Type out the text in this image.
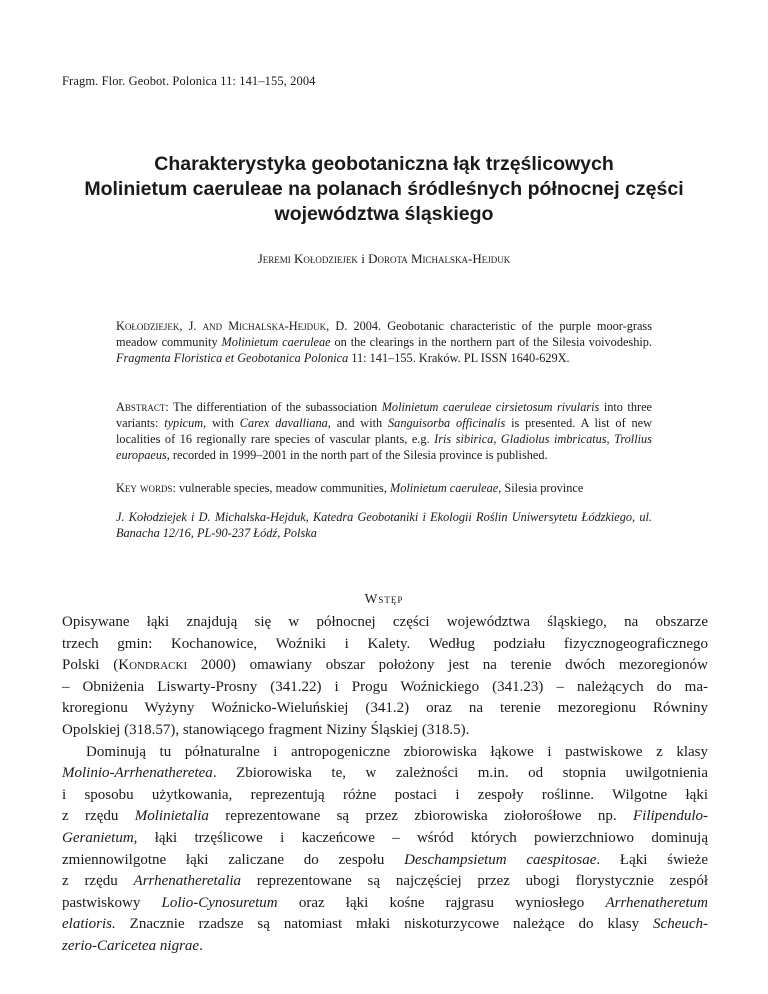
Fragm. Flor. Geobot. Polonica 11: 141–155, 2004
Charakterystyka geobotaniczna łąk trzęślicowych
Molinietum caeruleae na polanach śródleśnych północnej części
województwa śląskiego
Jeremi Kołodziejek i Dorota Michalska-Hejduk
Kołodziejek, J. and Michalska-Hejduk, D. 2004. Geobotanic characteristic of the purple moor-grass meadow community Molinietum caeruleae on the clearings in the northern part of the Silesia voivodeship. Fragmenta Floristica et Geobotanica Polonica 11: 141–155. Kraków. PL ISSN 1640-629X.
Abstract: The differentiation of the subassociation Molinietum caeruleae cirsietosum rivularis into three variants: typicum, with Carex davalliana, and with Sanguisorba officinalis is presented. A list of new localities of 16 regionally rare species of vascular plants, e.g. Iris sibirica, Gladiolus imbricatus, Trollius europaeus, recorded in 1999–2001 in the north part of the Silesia province is published.
Key words: vulnerable species, meadow communities, Molinietum caeruleae, Silesia province
J. Kołodziejek i D. Michalska-Hejduk, Katedra Geobotaniki i Ekologii Roślin Uniwersytetu Łódzkiego, ul. Banacha 12/16, PL-90-237 Łódź, Polska
Wstęp

Opisywane łąki znajdują się w północnej części województwa śląskiego, na obszarze
trzech gmin: Kochanowice, Woźniki i Kalety. Według podziału fizycznogeograficznego
Polski (Kondracki 2000) omawiany obszar położony jest na terenie dwóch mezoregionów
– Obniżenia Liswarty-Prosny (341.22) i Progu Woźnickiego (341.23) – należących do ma-
kroregionu Wyżyny Woźnicko-Wieluńskiej (341.2) oraz na terenie mezoregionu Równiny
Opolskiej (318.57), stanowiącego fragment Niziny Śląskiej (318.5).

Dominują tu półnaturalne i antropogeniczne zbiorowiska łąkowe i pastwiskowe z klasy
Molinio-Arrhenatheretea. Zbiorowiska te, w zależności m.in. od stopnia uwilgotnienia
i sposobu użytkowania, reprezentują różne postaci i zespoły roślinne. Wilgotne łąki
z rzędu Molinietalia reprezentowane są przez zbiorowiska ziołorośłowe np. Filipendulo-
Geranietum, łąki trzęślicowe i kaczeńcowe – wśród których powierzchniowo dominują
zmiennowilgotne łąki zaliczane do zespołu Deschampsietum caespitosae. Łąki świeże
z rzędu Arrhenatheretalia reprezentowane są najczęściej przez ubogi florystycznie zespół
pastwiskowy Lolio-Cynosuretum oraz łąki kośne rajgrasu wyniosłego Arrhenatheretum
elatioris. Znacznie rzadsze są natomiast młaki niskoturzycowe należące do klasy Scheuch-
zerio-Caricetea nigrae.
